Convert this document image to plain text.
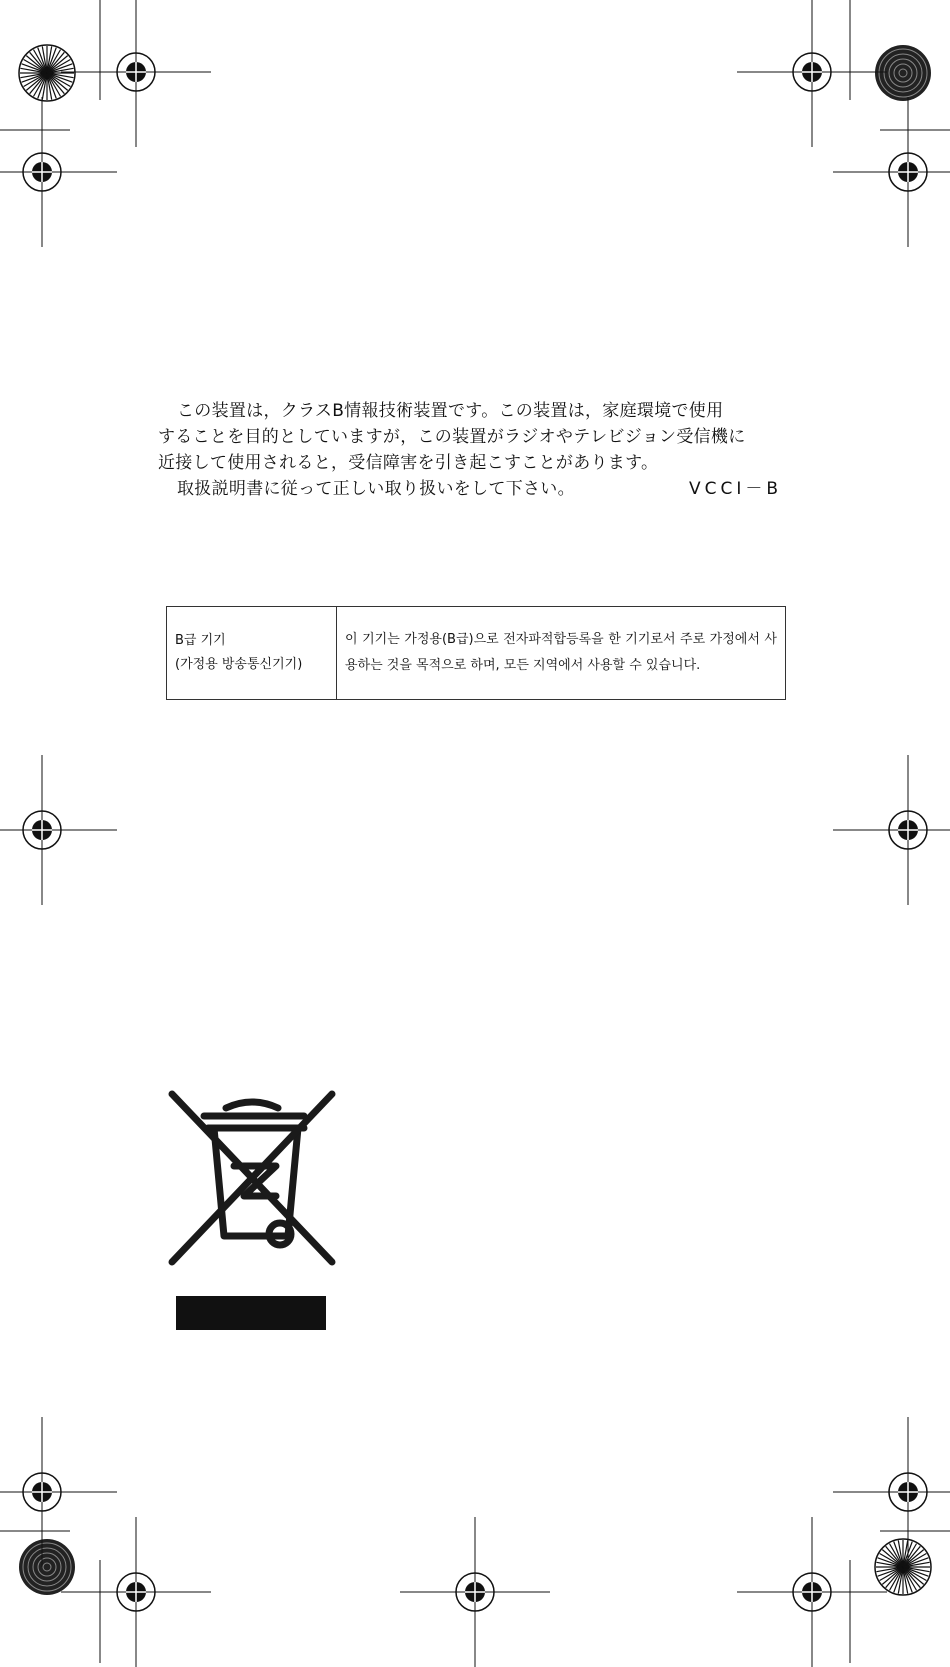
この装置は，クラスB情報技術装置です。この装置は，家庭環境で使用

することを目的としていますが，この装置がラジオやテレビジョン受信機に

近接して使用されると，受信障害を引き起こすことがあります。

取扱説明書に従って正しい取り扱いをして下さい。	VCCI－B

B급 기기
(가정용 방송통신기기)
	이 기기는 가정용(B급)으로 전자파적합등록을 한 기기로서 주로 가정에서 사용하는 것을 목적으로 하며, 모든 지역에서 사용할 수 있습니다.
